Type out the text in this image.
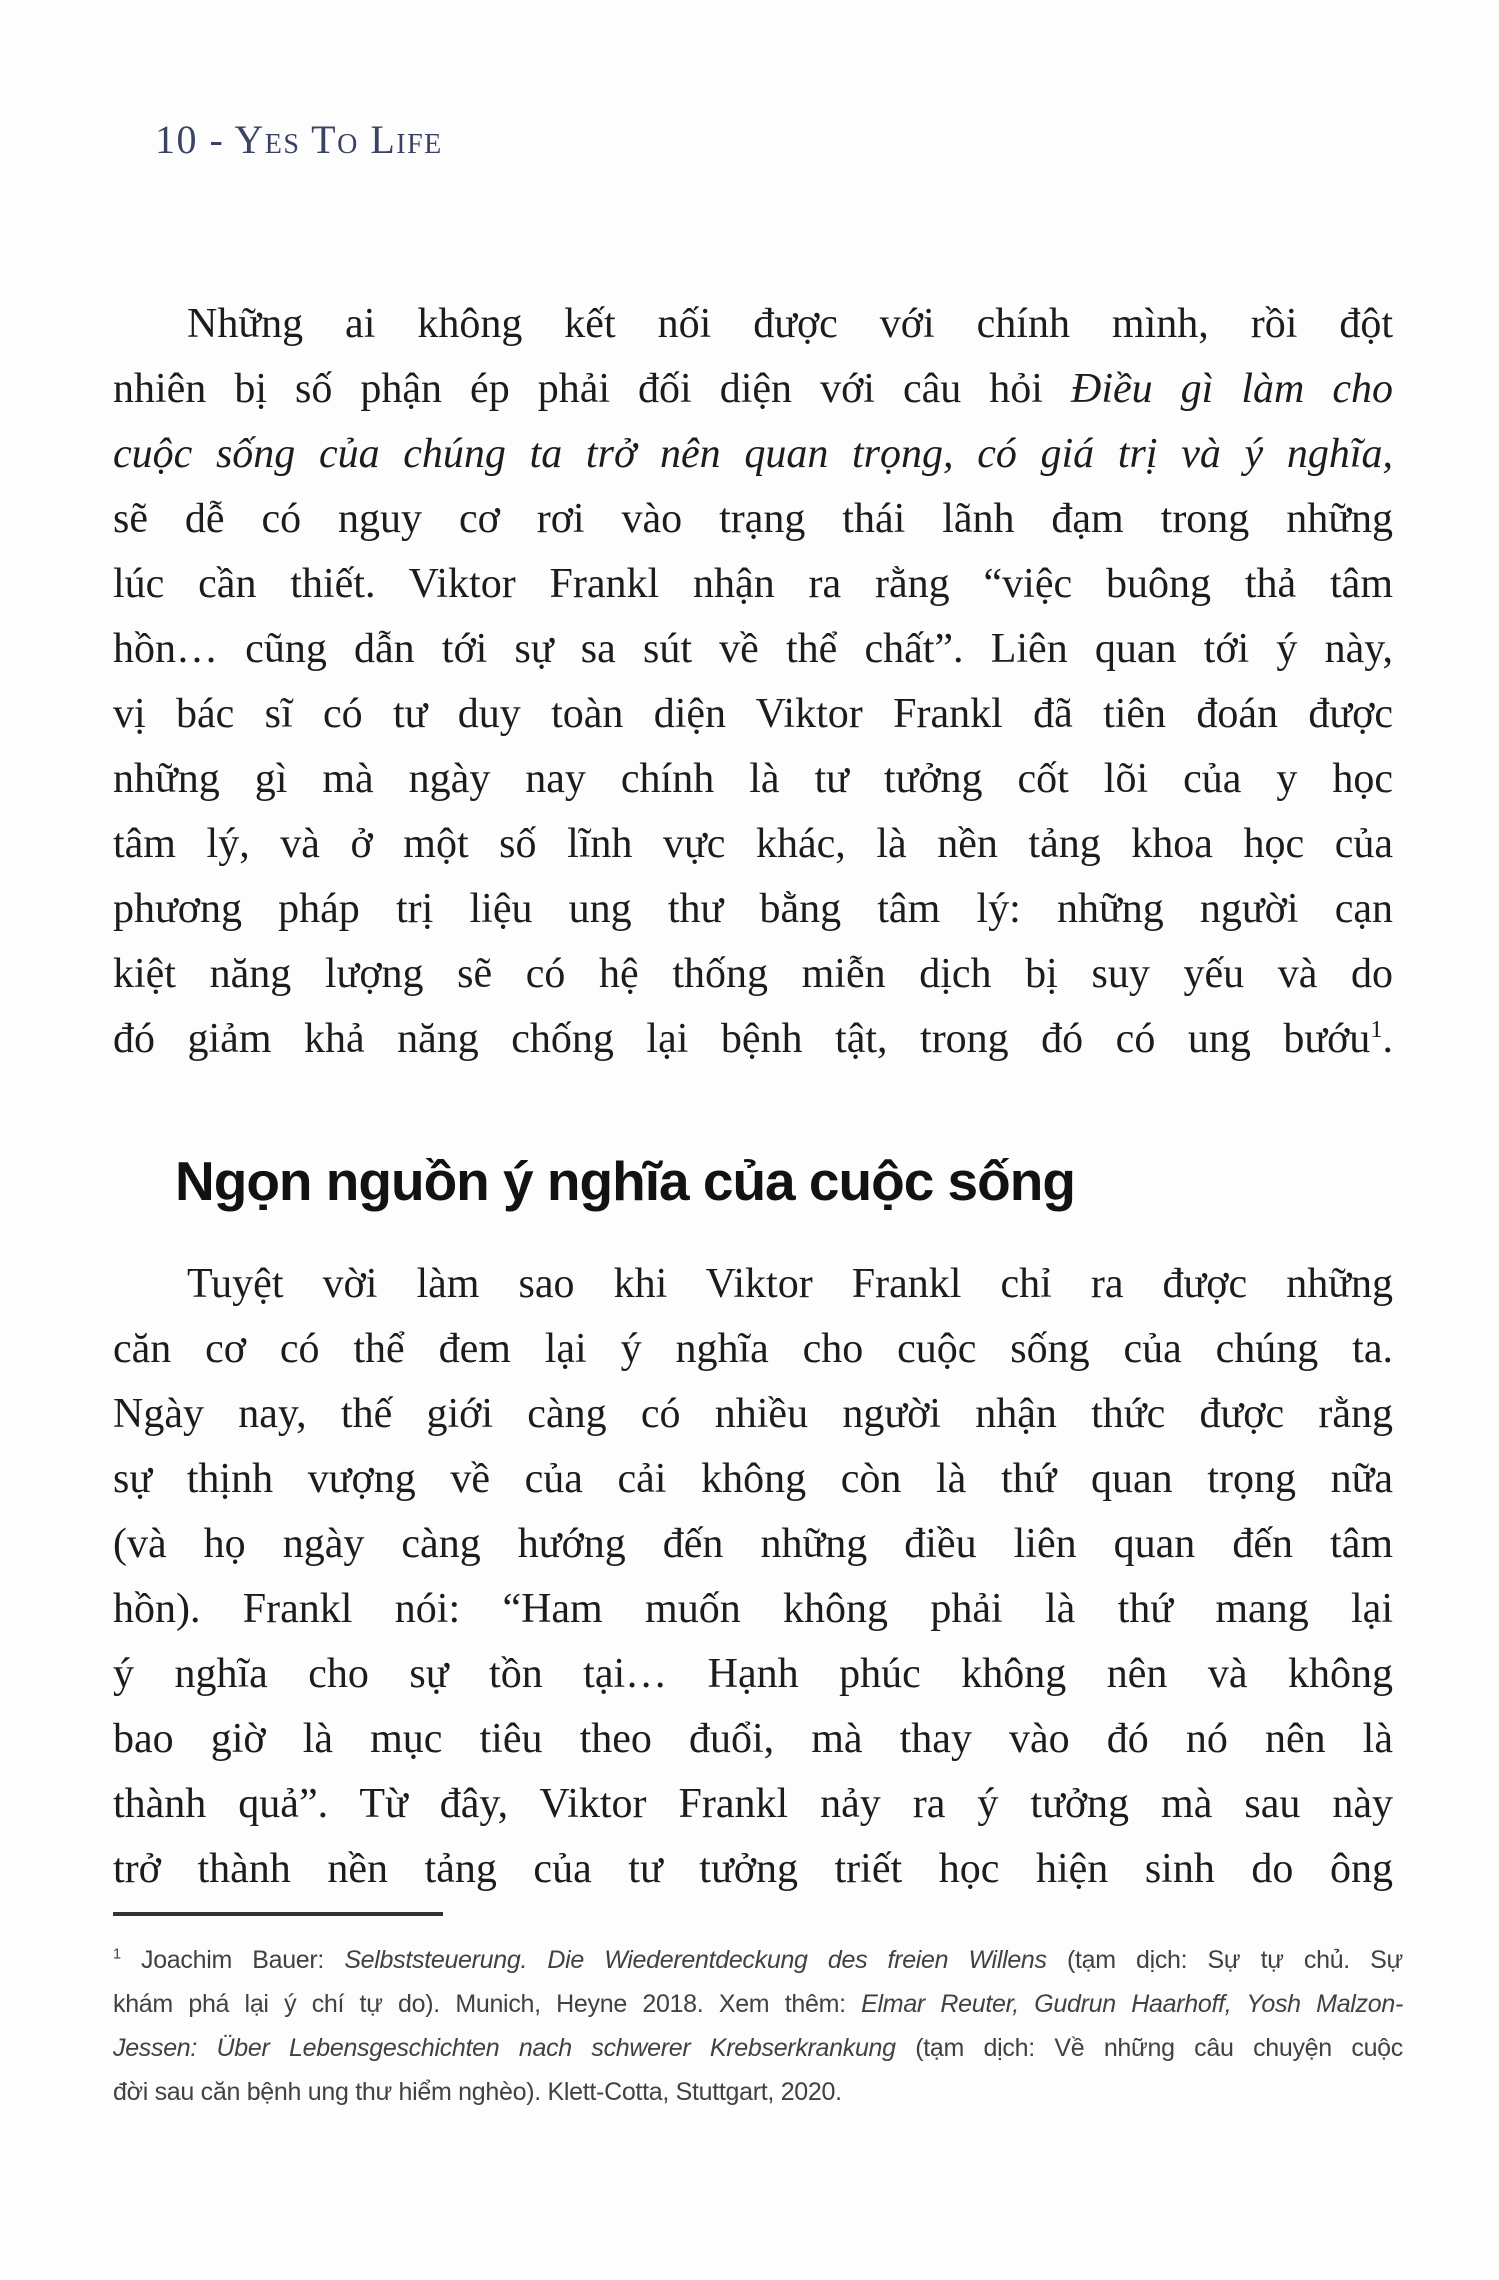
10 - Yes To Life
Những ai không kết nối được với chính mình, rồi đột
nhiên bị số phận ép phải đối diện với câu hỏi Điều gì làm cho
cuộc sống của chúng ta trở nên quan trọng, có giá trị và ý nghĩa,
sẽ dễ có nguy cơ rơi vào trạng thái lãnh đạm trong những
lúc cần thiết. Viktor Frankl nhận ra rằng “việc buông thả tâm
hồn… cũng dẫn tới sự sa sút về thể chất”. Liên quan tới ý này,
vị bác sĩ có tư duy toàn diện Viktor Frankl đã tiên đoán được
những gì mà ngày nay chính là tư tưởng cốt lõi của y học
tâm lý, và ở một số lĩnh vực khác, là nền tảng khoa học của
phương pháp trị liệu ung thư bằng tâm lý: những người cạn
kiệt năng lượng sẽ có hệ thống miễn dịch bị suy yếu và do
đó giảm khả năng chống lại bệnh tật, trong đó có ung bướu$^1$.
Ngọn nguồn ý nghĩa của cuộc sống
Tuyệt vời làm sao khi Viktor Frankl chỉ ra được những
căn cơ có thể đem lại ý nghĩa cho cuộc sống của chúng ta.
Ngày nay, thế giới càng có nhiều người nhận thức được rằng
sự thịnh vượng về của cải không còn là thứ quan trọng nữa
(và họ ngày càng hướng đến những điều liên quan đến tâm
hồn). Frankl nói: “Ham muốn không phải là thứ mang lại
ý nghĩa cho sự tồn tại… Hạnh phúc không nên và không
bao giờ là mục tiêu theo đuổi, mà thay vào đó nó nên là
thành quả”. Từ đây, Viktor Frankl nảy ra ý tưởng mà sau này
trở thành nền tảng của tư tưởng triết học hiện sinh do ông
$^1$ Joachim Bauer: Selbststeuerung. Die Wiederentdeckung des freien Willens (tạm dịch: Sự tự chủ. Sự
khám phá lại ý chí tự do). Munich, Heyne 2018. Xem thêm: Elmar Reuter, Gudrun Haarhoff, Yosh Malzon-
Jessen: Über Lebensgeschichten nach schwerer Krebserkrankung (tạm dịch: Về những câu chuyện cuộc
đời sau căn bệnh ung thư hiểm nghèo). Klett-Cotta, Stuttgart, 2020.
